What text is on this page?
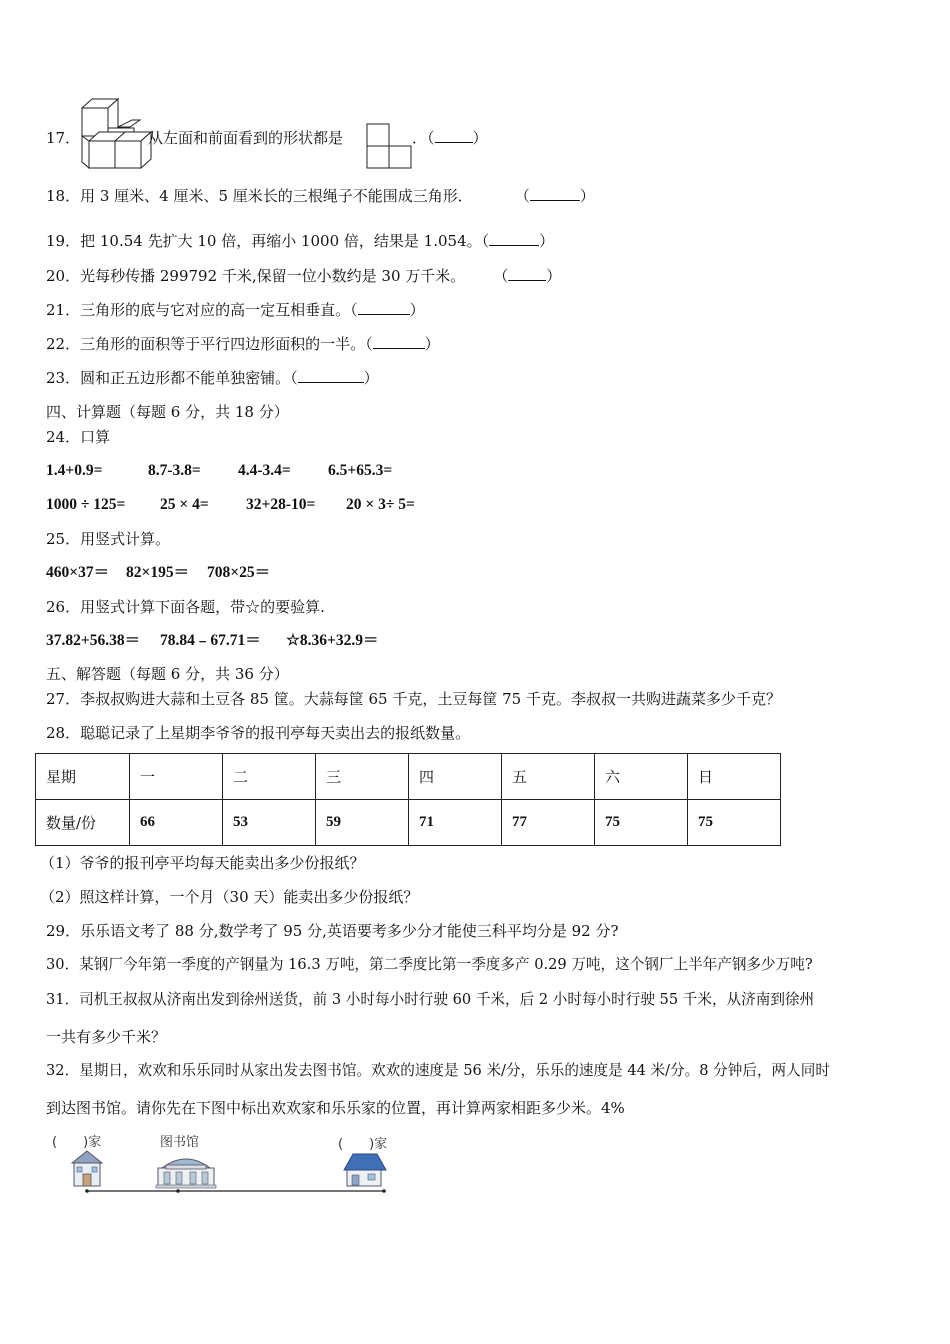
17．	从左面和前面看到的形状都是	．（	）
18．用 3 厘米、4 厘米、5 厘米长的三根绳子不能围成三角形．	（	）
19．把 10.54 先扩大 10 倍，再缩小 1000 倍，结果是 1.054。（	）
20．光每秒传播 299792 千米,保留一位小数约是 30 万千米。 （	）
21．三角形的底与它对应的高一定互相垂直。（	）
22．三角形的面积等于平行四边形面积的一半。（	）
23．圆和正五边形都不能单独密铺。（	）
四、计算题（每题 6 分，共 18 分）
24．口算
1.4+0.9=	8.7-3.8= 4.4-3.4= 6.5+65.3=
1000 ÷ 125= 25 × 4= 32+28-10= 20 × 3÷ 5=
25．用竖式计算。
460×37＝ 82×195＝ 708×25＝
26．用竖式计算下面各题，带☆的要验算.
37.82+56.38＝ 78.84﹣67.71＝ ☆8.36+32.9＝
五、解答题（每题 6 分，共 36 分）
27．李叔叔购进大蒜和土豆各 85 筐。大蒜每筐 65 千克，土豆每筐 75 千克。李叔叔一共购进蔬菜多少千克？
28．聪聪记录了上星期李爷爷的报刊亭每天卖出去的报纸数量。
星期	一	二	三	四	五	六	日
数量/份	66	53	59	71	77	75	75
（1）爷爷的报刊亭平均每天能卖出多少份报纸？
（2）照这样计算，一个月（30 天）能卖出多少份报纸？
29．乐乐语文考了 88 分,数学考了 95 分,英语要考多少分才能使三科平均分是 92 分?
30．某钢厂今年第一季度的产钢量为 16.3 万吨，第二季度比第一季度多产 0.29 万吨，这个钢厂上半年产钢多少万吨?
31．司机王叔叔从济南出发到徐州送货，前 3 小时每小时行驶 60 千米，后 2 小时每小时行驶 55 千米，从济南到徐州
一共有多少千米？
32．星期日，欢欢和乐乐同时从家出发去图书馆。欢欢的速度是 56 米/分，乐乐的速度是 44 米/分。8 分钟后，两人同时
到达图书馆。请你先在下图中标出欢欢家和乐乐家的位置，再计算两家相距多少米。4%
(　　)家	图书馆	(　　)家
